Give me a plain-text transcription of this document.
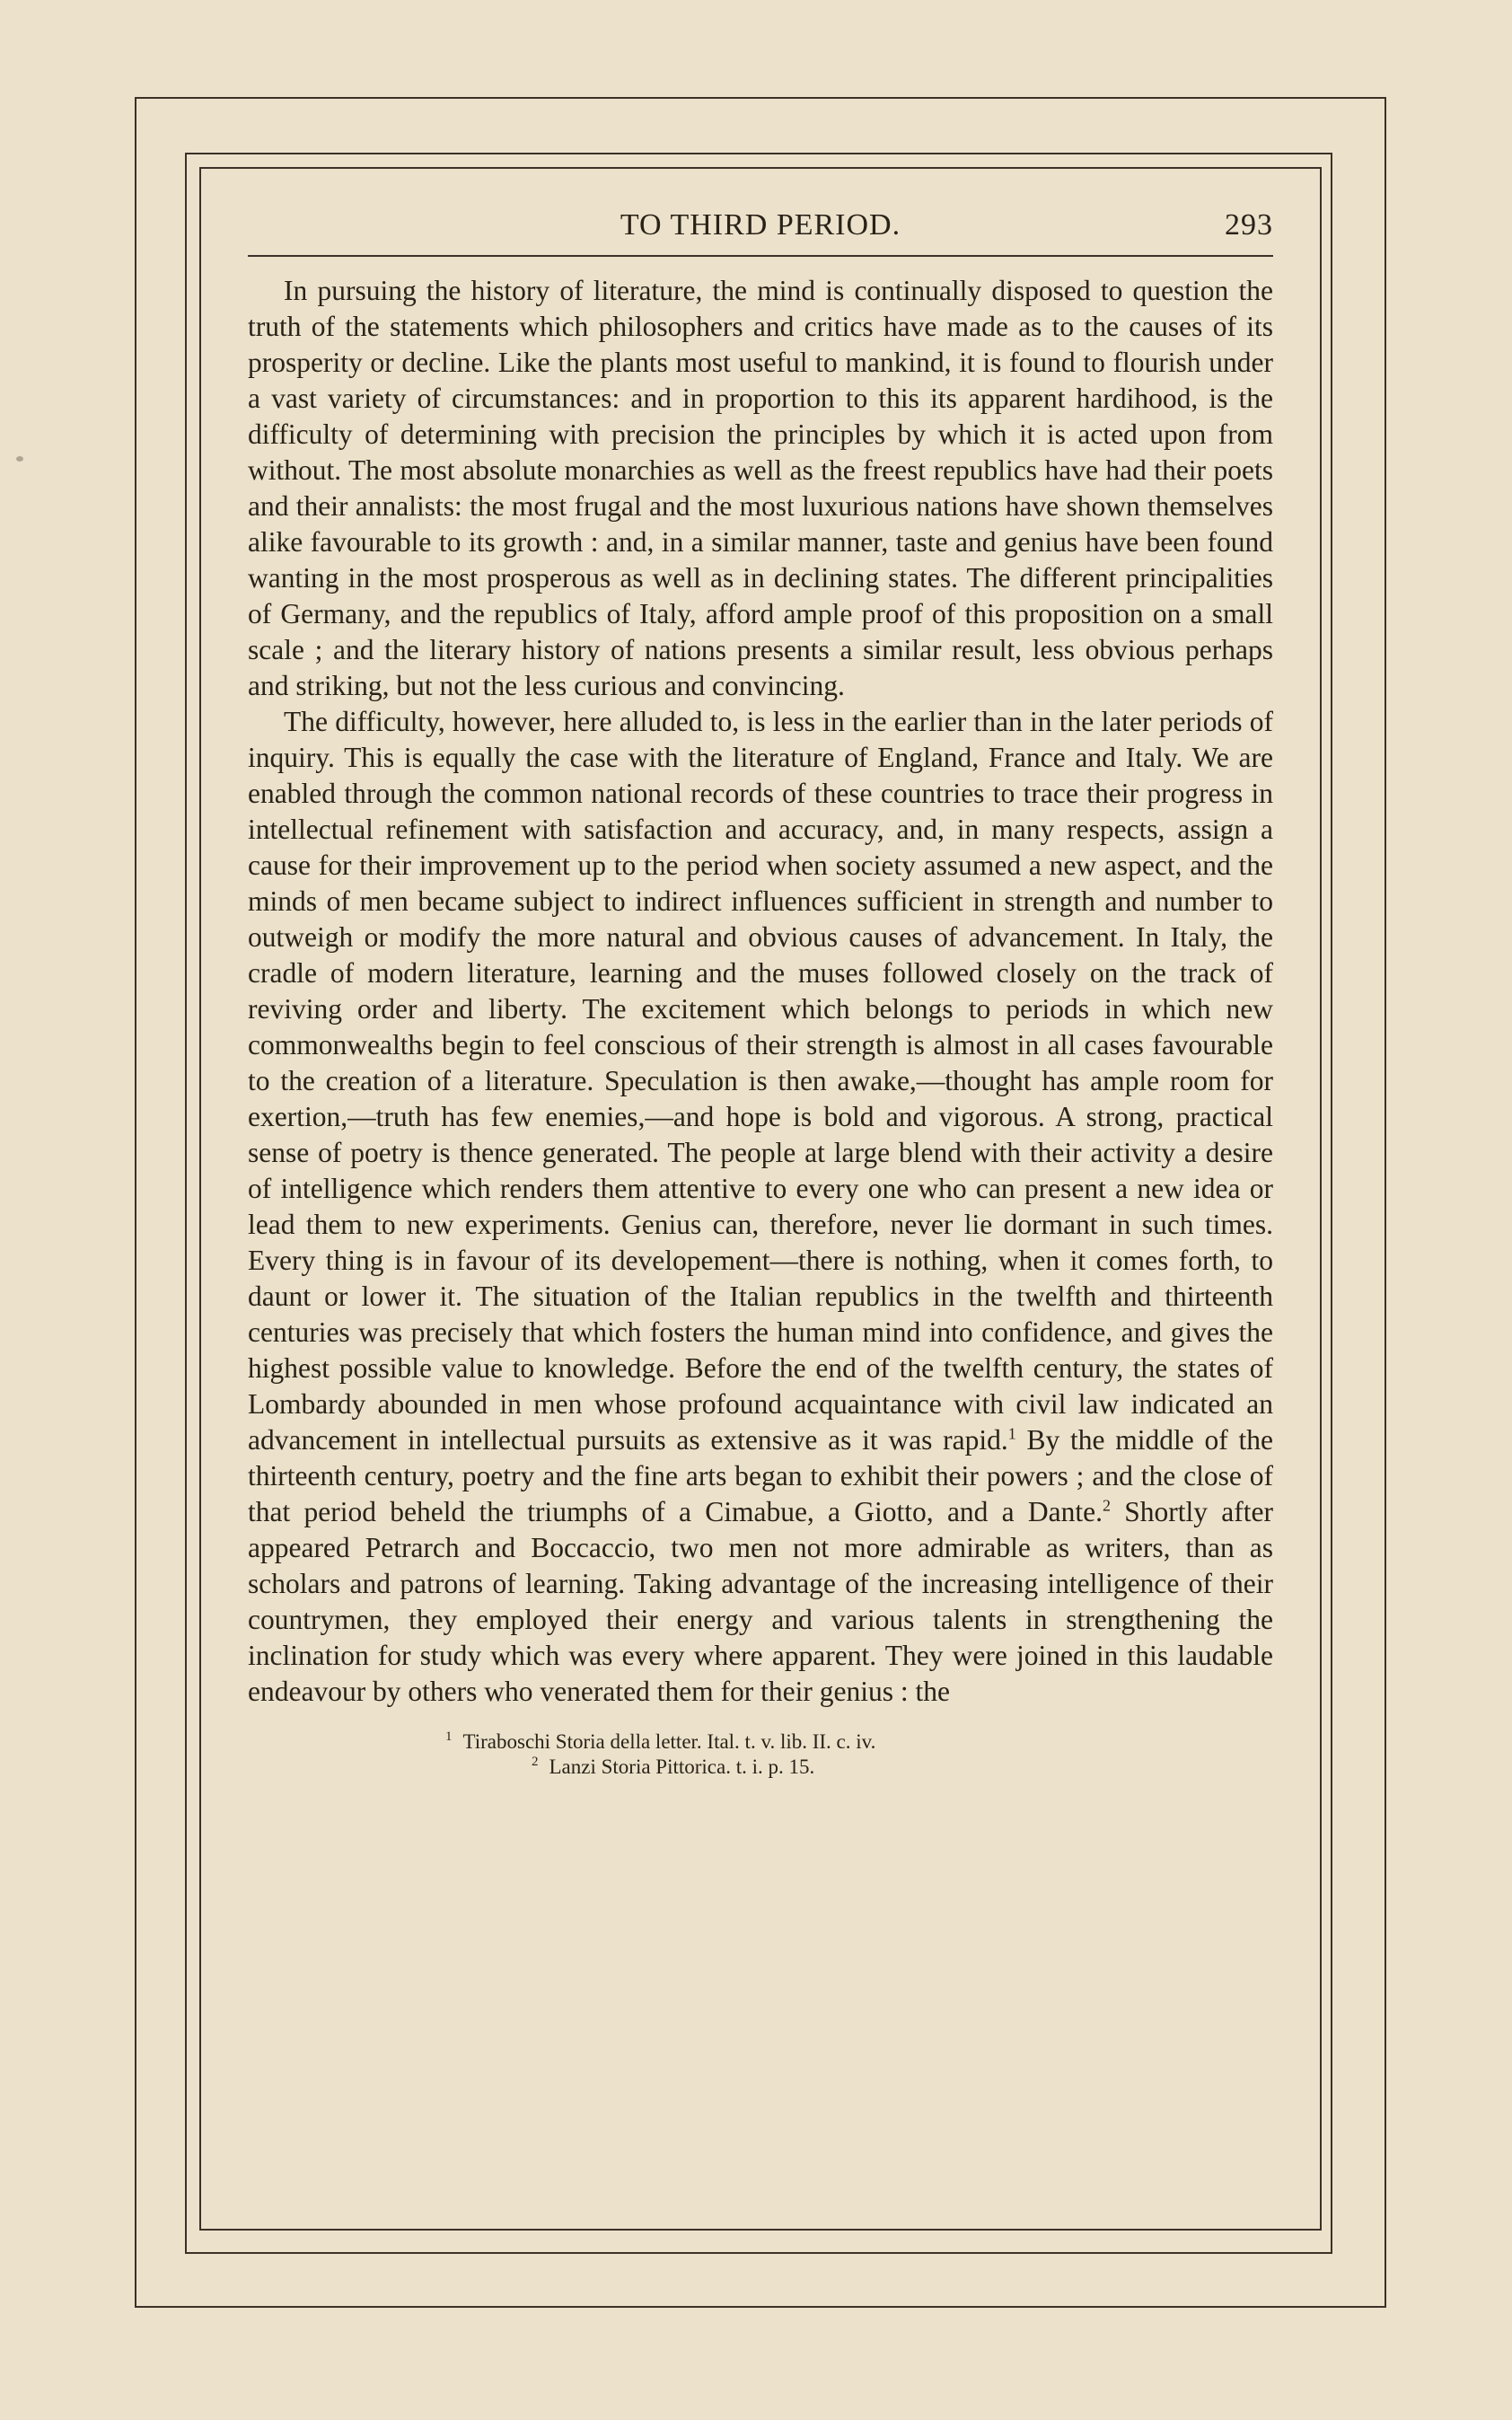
TO THIRD PERIOD.	293

In pursuing the history of literature, the mind is continually disposed to question the truth of the statements which philosophers and critics have made as to the causes of its prosperity or decline. Like the plants most useful to mankind, it is found to flourish under a vast variety of circumstances: and in proportion to this its apparent hardihood, is the difficulty of determining with precision the principles by which it is acted upon from without. The most absolute monarchies as well as the freest republics have had their poets and their annalists: the most frugal and the most luxurious nations have shown themselves alike favourable to its growth : and, in a similar manner, taste and genius have been found wanting in the most prosperous as well as in declining states. The different principalities of Germany, and the republics of Italy, afford ample proof of this proposition on a small scale ; and the literary history of nations presents a similar result, less obvious perhaps and striking, but not the less curious and convincing.

The difficulty, however, here alluded to, is less in the earlier than in the later periods of inquiry. This is equally the case with the literature of England, France and Italy. We are enabled through the common national records of these countries to trace their progress in intellectual refinement with satisfaction and accuracy, and, in many respects, assign a cause for their improvement up to the period when society assumed a new aspect, and the minds of men became subject to indirect influences sufficient in strength and number to outweigh or modify the more natural and obvious causes of advancement. In Italy, the cradle of modern literature, learning and the muses followed closely on the track of reviving order and liberty. The excitement which belongs to periods in which new commonwealths begin to feel conscious of their strength is almost in all cases favourable to the creation of a literature. Speculation is then awake,—thought has ample room for exertion,—truth has few enemies,—and hope is bold and vigorous. A strong, practical sense of poetry is thence generated. The people at large blend with their activity a desire of intelligence which renders them attentive to every one who can present a new idea or lead them to new experiments. Genius can, therefore, never lie dormant in such times. Every thing is in favour of its developement—there is nothing, when it comes forth, to daunt or lower it. The situation of the Italian republics in the twelfth and thirteenth centuries was precisely that which fosters the human mind into confidence, and gives the highest possible value to knowledge. Before the end of the twelfth century, the states of Lombardy abounded in men whose profound acquaintance with civil law indicated an advancement in intellectual pursuits as extensive as it was rapid.$^1$ By the middle of the thirteenth century, poetry and the fine arts began to exhibit their powers ; and the close of that period beheld the triumphs of a Cimabue, a Giotto, and a Dante.$^2$ Shortly after appeared Petrarch and Boccaccio, two men not more admirable as writers, than as scholars and patrons of learning. Taking advantage of the increasing intelligence of their countrymen, they employed their energy and various talents in strengthening the inclination for study which was every where apparent. They were joined in this laudable endeavour by others who venerated them for their genius : the

$^1$ Tiraboschi Storia della letter. Ital. t. v. lib. II. c. iv.

$^2$ Lanzi Storia Pittorica. t. i. p. 15.
